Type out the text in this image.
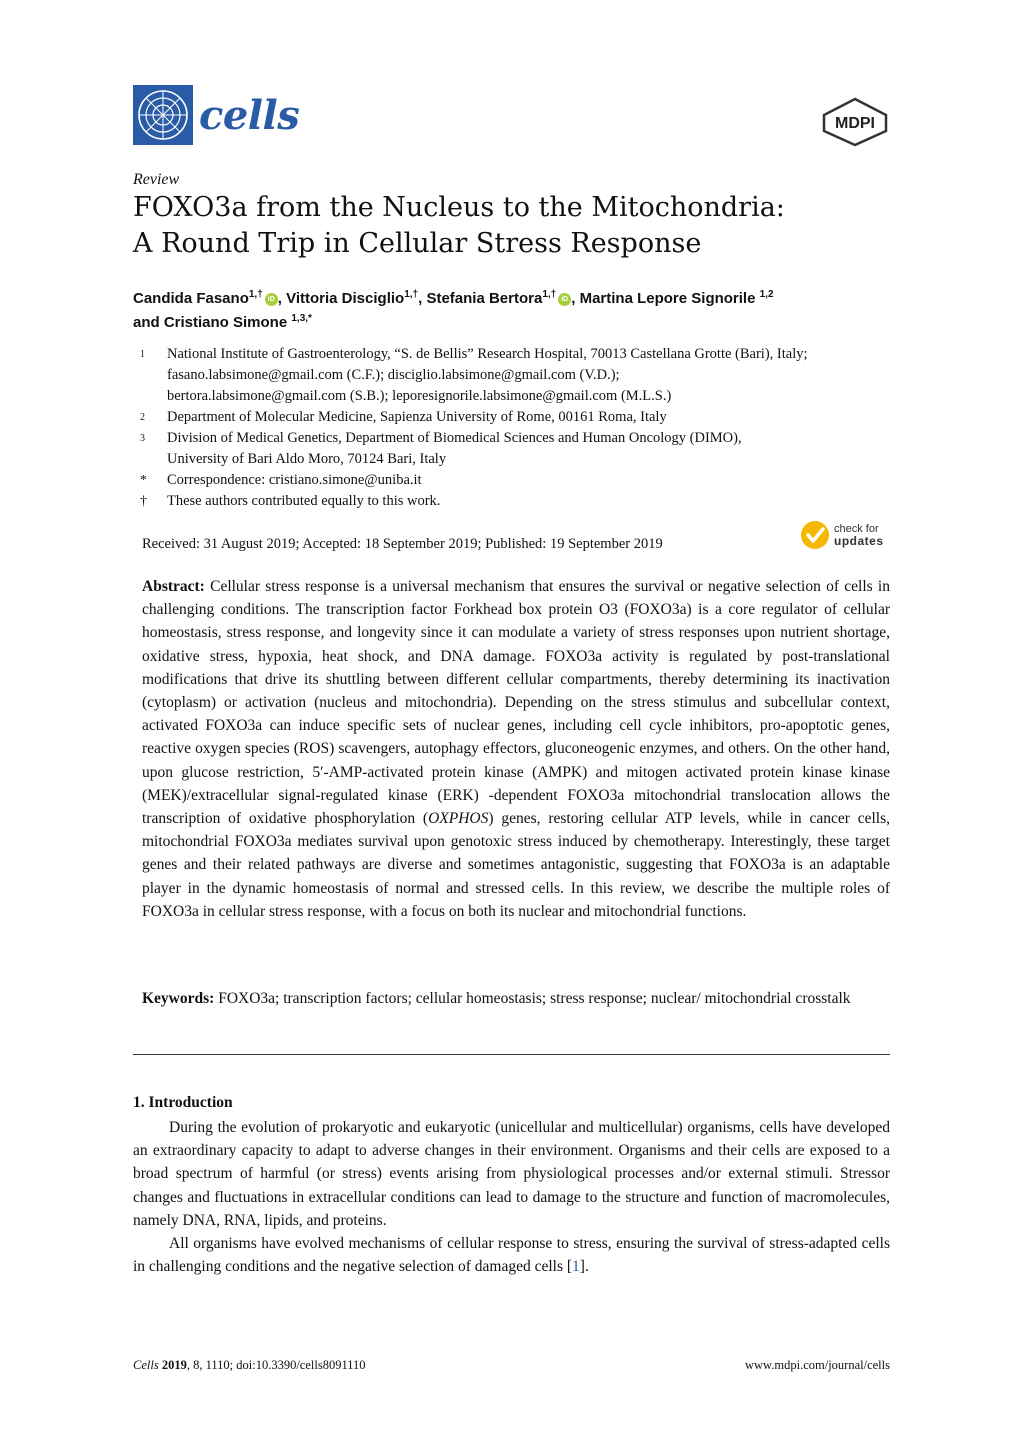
cells	MDPI
Review
FOXO3a from the Nucleus to the Mitochondria:
A Round Trip in Cellular Stress Response
Candida Fasano$^{1,\dagger}$ iD , Vittoria Disciglio$^{1,\dagger}$, Stefania Bertora$^{1,\dagger}$ iD , Martina Lepore Signorile $^{1,2}$
and Cristiano Simone $^{1,3,*}$
1	National Institute of Gastroenterology, “S. de Bellis” Research Hospital, 70013 Castellana Grotte (Bari), Italy;
fasano.labsimone@gmail.com (C.F.); disciglio.labsimone@gmail.com (V.D.);
bertora.labsimone@gmail.com (S.B.); leporesignorile.labsimone@gmail.com (M.L.S.)
2	Department of Molecular Medicine, Sapienza University of Rome, 00161 Roma, Italy
3	Division of Medical Genetics, Department of Biomedical Sciences and Human Oncology (DIMO),
University of Bari Aldo Moro, 70124 Bari, Italy
*	Correspondence: cristiano.simone@uniba.it
†	These authors contributed equally to this work.
Received: 31 August 2019; Accepted: 18 September 2019; Published: 19 September 2019
check for
updates
Abstract: Cellular stress response is a universal mechanism that ensures the survival or negative selection of cells in challenging conditions. The transcription factor Forkhead box protein O3 (FOXO3a) is a core regulator of cellular homeostasis, stress response, and longevity since it can modulate a variety of stress responses upon nutrient shortage, oxidative stress, hypoxia, heat shock, and DNA damage. FOXO3a activity is regulated by post-translational modifications that drive its shuttling between different cellular compartments, thereby determining its inactivation (cytoplasm) or activation (nucleus and mitochondria). Depending on the stress stimulus and subcellular context, activated FOXO3a can induce specific sets of nuclear genes, including cell cycle inhibitors, pro-apoptotic genes, reactive oxygen species (ROS) scavengers, autophagy effectors, gluconeogenic enzymes, and others. On the other hand, upon glucose restriction, 5′-AMP-activated protein kinase (AMPK) and mitogen activated protein kinase kinase (MEK)/extracellular signal-regulated kinase (ERK) -dependent FOXO3a mitochondrial translocation allows the transcription of oxidative phosphorylation (OXPHOS) genes, restoring cellular ATP levels, while in cancer cells, mitochondrial FOXO3a mediates survival upon genotoxic stress induced by chemotherapy. Interestingly, these target genes and their related pathways are diverse and sometimes antagonistic, suggesting that FOXO3a is an adaptable player in the dynamic homeostasis of normal and stressed cells. In this review, we describe the multiple roles of FOXO3a in cellular stress response, with a focus on both its nuclear and mitochondrial functions.
Keywords: FOXO3a; transcription factors; cellular homeostasis; stress response; nuclear/ mitochondrial crosstalk
1. Introduction

During the evolution of prokaryotic and eukaryotic (unicellular and multicellular) organisms, cells have developed an extraordinary capacity to adapt to adverse changes in their environment. Organisms and their cells are exposed to a broad spectrum of harmful (or stress) events arising from physiological processes and/or external stimuli. Stressor changes and fluctuations in extracellular conditions can lead to damage to the structure and function of macromolecules, namely DNA, RNA, lipids, and proteins.

All organisms have evolved mechanisms of cellular response to stress, ensuring the survival of stress-adapted cells in challenging conditions and the negative selection of damaged cells [1].

Cells 2019, 8, 1110; doi:10.3390/cells8091110	www.mdpi.com/journal/cells
